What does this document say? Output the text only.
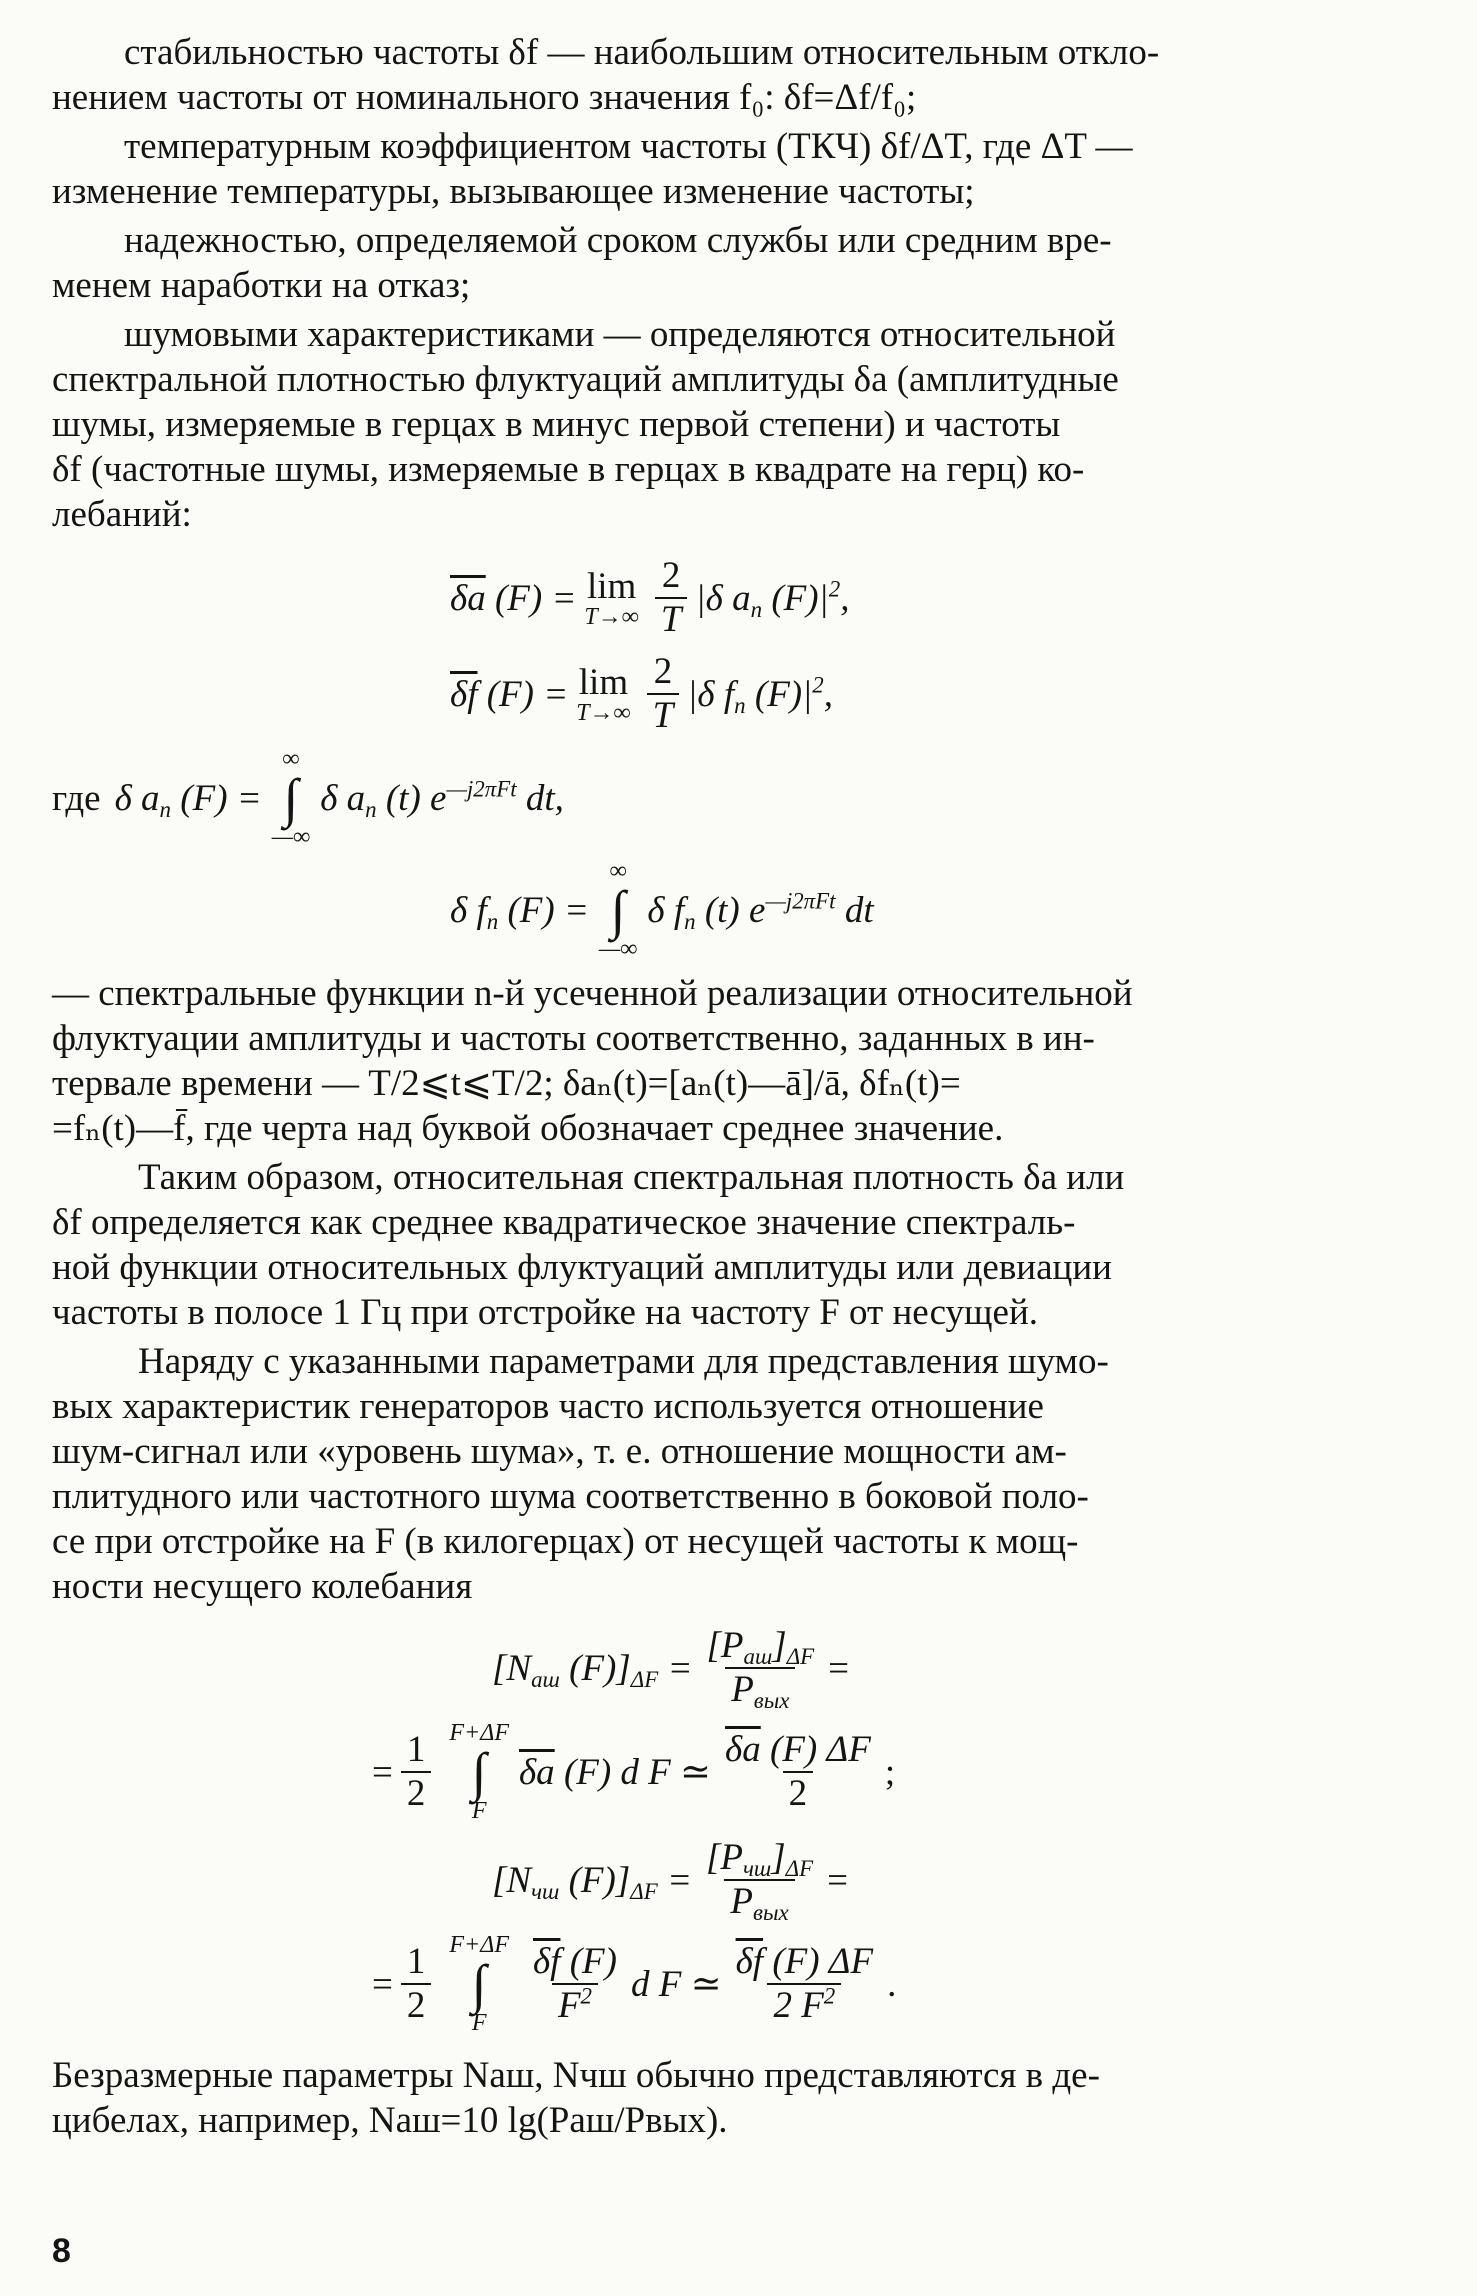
стабильностью частоты δf — наибольшим относительным откло-

нением частоты от номинального значения f₀: δf=Δf/f₀;

температурным коэффициентом частоты (ТКЧ) δf/ΔT, где ΔT —

изменение температуры, вызывающее изменение частоты;

надежностью, определяемой сроком службы или средним вре-

менем наработки на отказ;

шумовыми характеристиками — определяются относительной

спектральной плотностью флуктуаций амплитуды δa (амплитудные

шумы, измеряемые в герцах в минус первой степени) и частоты

δf (частотные шумы, измеряемые в герцах в квадрате на герц) ко-

лебаний:

$\overline{\delta a}$ (F) = lim
$T\to\infty \frac{2}{T} |\delta$ $a_n$ $(F)|^2$,
$\overline{\delta f}$ (F) = lim
$T\to\infty \frac{2}{T} |\delta$ $f_n$ $(F)|^2$,
где δ $a_n$ (F) =
∞
∫
—∞
δ $a_n$ (t) $e^{—j2\pi Ft}$ dt,
δ $f_n$ (F) =
∞
∫
—∞
δ $f_n$ (t) $e^{—j2\pi Ft}$ dt

— спектральные функции n-й усеченной реализации относительной

флуктуации амплитуды и частоты соответственно, заданных в ин-

тервале времени — T/2⩽t⩽T/2; δaₙ(t)=[aₙ(t)—ā]/ā, δfₙ(t)=

=fₙ(t)—f̄, где черта над буквой обозначает среднее значение.

Таким образом, относительная спектральная плотность δa или

δf определяется как среднее квадратическое значение спектраль-

ной функции относительных флуктуаций амплитуды или девиации

частоты в полосе 1 Гц при отстройке на частоту F от несущей.

Наряду с указанными параметрами для представления шумо-

вых характеристик генераторов часто используется отношение

шум-сигнал или «уровень шума», т. е. отношение мощности ам-

плитудного или частотного шума соответственно в боковой поло-

се при отстройке на F (в килогерцах) от несущей частоты к мощ-

ности несущего колебания

[$N_{аш}$ $(F)]_{\Delta F} = \frac{[P_{аш}]_{\Delta F}}{P_{вых}}$ =
= $\frac{1}{2} F+\Delta F$
∫
F
$\overline{\delta a}$ (F) d F ≃ $\frac{\overline{\delta a} (F) \Delta F}{2}$ ;
[$N_{чш}$ $(F)]_{\Delta F} = \frac{[P_{чш}]_{\Delta F}}{P_{вых}}$ =
= $\frac{1}{2} F+\Delta F$
∫
F $\frac{\overline{\delta f} (F)}{F^2}$ d F ≃ $\frac{\overline{\delta f} (F) \Delta F}{2 F^2}$ .

Безразмерные параметры Nаш, Nчш обычно представляются в де-

цибелах, например, Nаш=10 lg(Pаш/Pвых).

8
